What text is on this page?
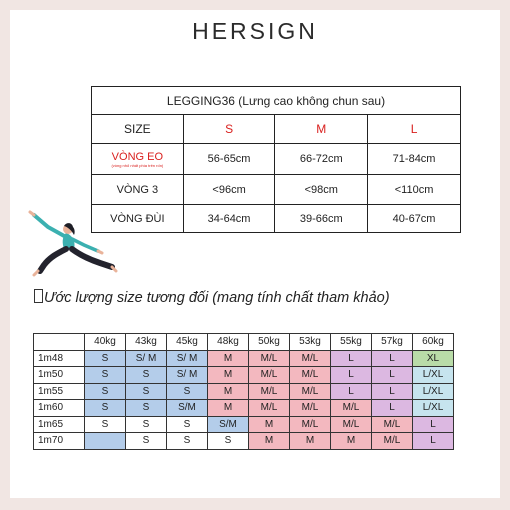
HERSIGN
LEGGING36 (Lưng cao không chun sau)			
SIZE	S	M	L
VÒNG EO
(vòng nhỏ nhất phía trên rốn)	56-65cm	66-72cm	71-84cm
VÒNG 3	<96cm	<98cm	<110cm
VÒNG ĐÙI	34-64cm	39-66cm	40-67cm
Ước lượng size tương đối (mang tính chất tham khảo)
	40kg	43kg	45kg	48kg	50kg	53kg	55kg	57kg	60kg
1m48	S	S/ M	S/ M	M	M/L	M/L	L	L	XL
1m50	S	S	S/ M	M	M/L	M/L	L	L	L/XL
1m55	S	S	S	M	M/L	M/L	L	L	L/XL
1m60	S	S	S/M	M	M/L	M/L	M/L	L	L/XL
1m65	S	S	S	S/M	M	M/L	M/L	M/L	L
1m70		S	S	S	M	M	M	M/L	L
